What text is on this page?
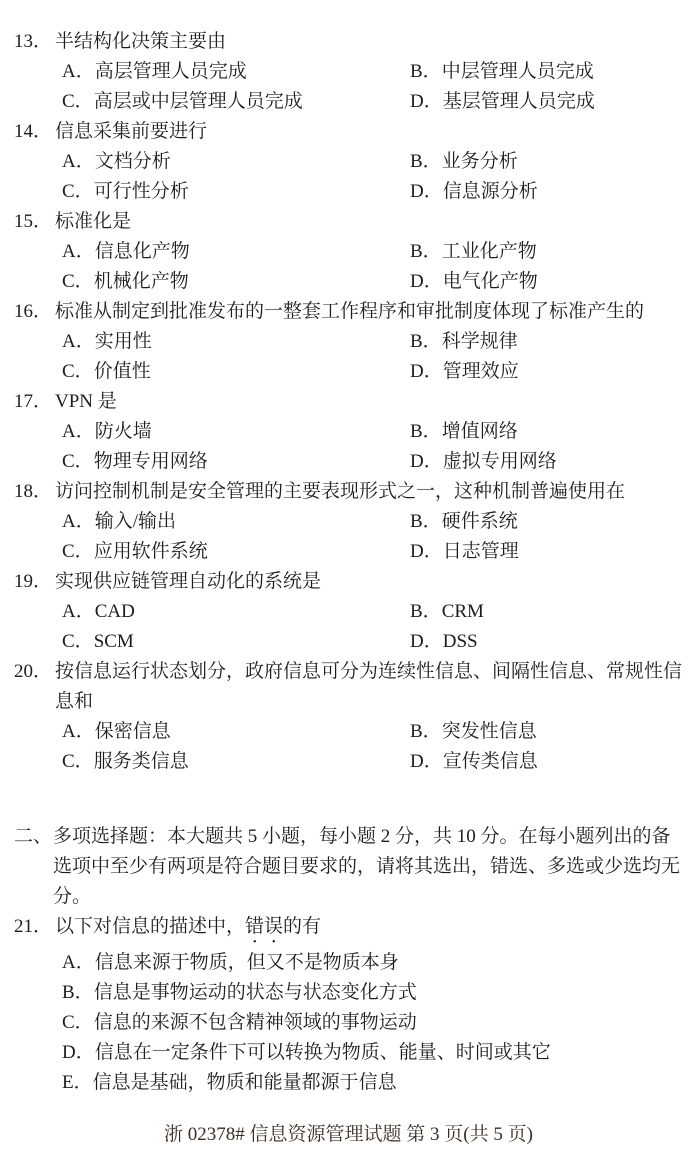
13． 半结构化决策主要由
A． 高层管理人员完成	B． 中层管理人员完成
C． 高层或中层管理人员完成	D． 基层管理人员完成
14． 信息采集前要进行
A． 文档分析	B． 业务分析
C． 可行性分析	D． 信息源分析
15． 标准化是
A． 信息化产物	B． 工业化产物
C． 机械化产物	D． 电气化产物
16． 标准从制定到批准发布的一整套工作程序和审批制度体现了标准产生的
A． 实用性	B． 科学规律
C． 价值性	D． 管理效应
17． VPN 是
A． 防火墙	B． 增值网络
C． 物理专用网络	D． 虚拟专用网络
18． 访问控制机制是安全管理的主要表现形式之一，这种机制普遍使用在
A． 输入/输出	B． 硬件系统
C． 应用软件系统	D． 日志管理
19． 实现供应链管理自动化的系统是
A． CAD	B． CRM
C． SCM	D． DSS
20． 按信息运行状态划分，政府信息可分为连续性信息、间隔性信息、常规性信息和
A． 保密信息	B． 突发性信息
C． 服务类信息	D． 宣传类信息
二、 多项选择题：本大题共 5 小题，每小题 2 分，共 10 分。在每小题列出的备选项中至少有两项是符合题目要求的，请将其选出，错选、多选或少选均无分。
21． 以下对信息的描述中，错误的有
A． 信息来源于物质，但又不是物质本身
B． 信息是事物运动的状态与状态变化方式
C． 信息的来源不包含精神领域的事物运动
D． 信息在一定条件下可以转换为物质、能量、时间或其它
E． 信息是基础，物质和能量都源于信息
浙 02378# 信息资源管理试题 第 3 页(共 5 页)
